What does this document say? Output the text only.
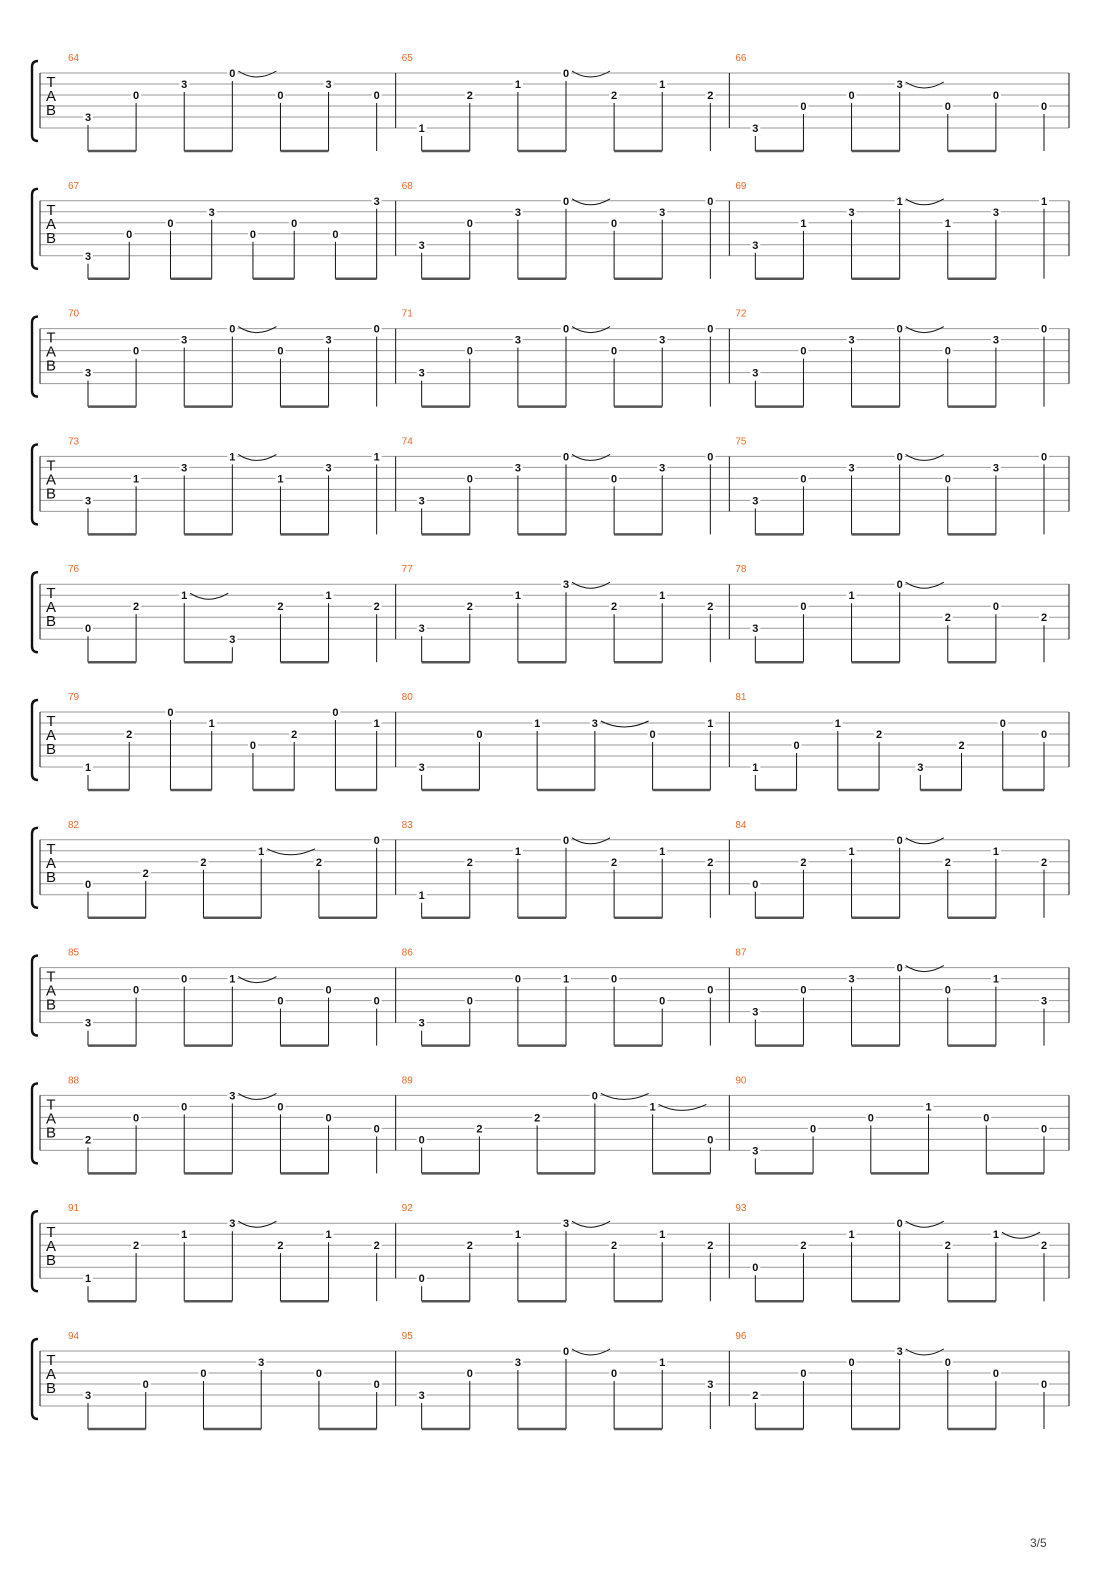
T
A
B
64
3
0
3
0
0
3
0
65
1
2
1
0
2
1
2
66
3
0
0
3
0
0
0
T
A
B
67
3
0
0
3
0
0
0
3
68
3
0
3
0
0
3
0
69
3
1
3
1
1
3
1
T
A
B
70
3
0
3
0
0
3
0
71
3
0
3
0
0
3
0
72
3
0
3
0
0
3
0
T
A
B
73
3
1
3
1
1
3
1
74
3
0
3
0
0
3
0
75
3
0
3
0
0
3
0
T
A
B
76
0
2
1
3
2
1
2
77
3
2
1
3
2
1
2
78
3
0
1
0
2
0
2
T
A
B
79
1
2
0
1
0
2
0
1
80
3
0
1	3
0
1
81
1
0
1
2
3
2
0
0
T
A
B
82
0
2
2
1
2
0
83
1
2
1
0
2
1
2
84
0
2
1
0
2
1
2
T
A
B
85
3
0
0	1
0
0
0
86
3
0
0	1	0
0
0
87
3
0
3
0
0
1
3
T
A
B
88
2
0
0
3
0
0
0
89
0
2
2
0
1
0
90
3
0
0
1
0
0
T
A
B
91
1
2
1
3
2
1
2
92
0
2
1
3
2
1
2
93
0
2
1
0
2
1
2
T
A
B
94
3
0
0
3
0
0
95
3
0
3
0
0
1
3
96
2
0
0
3
0
0
0
3/5
